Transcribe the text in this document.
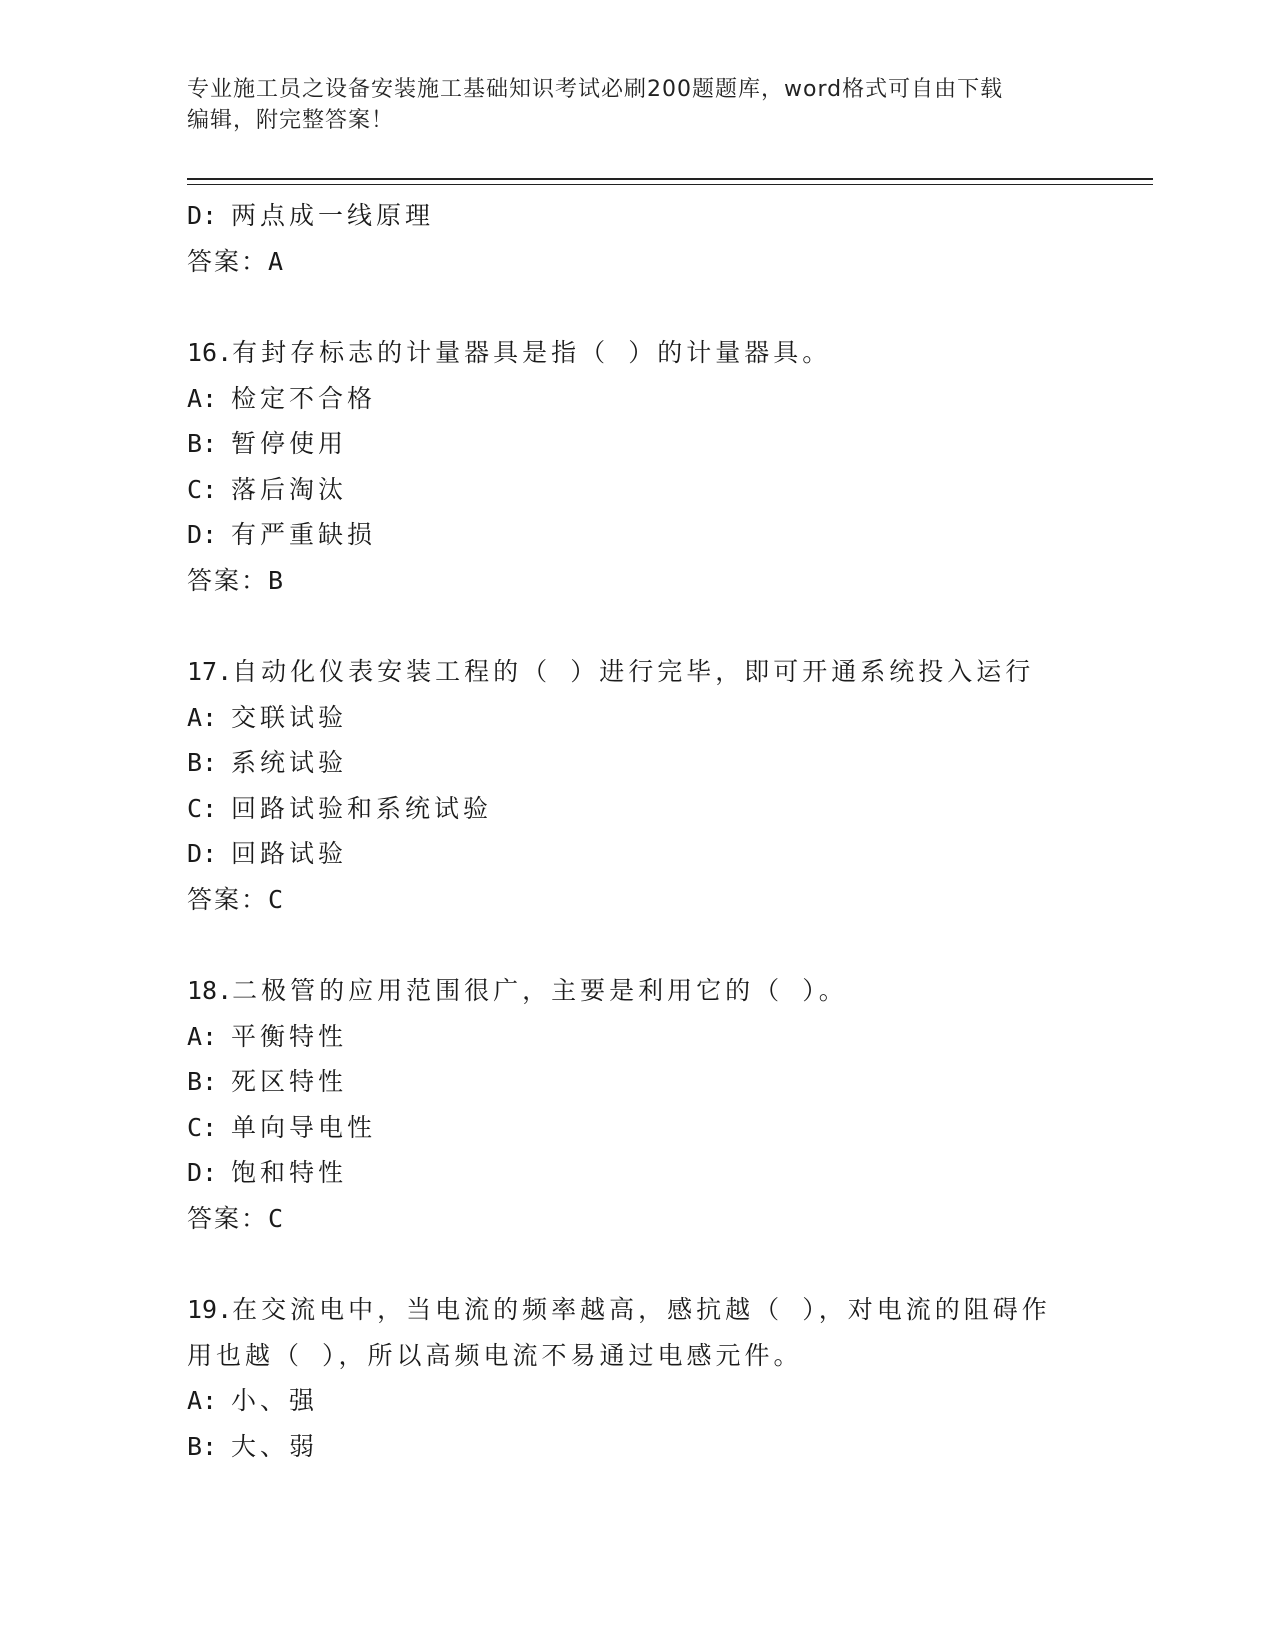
专业施工员之设备安装施工基础知识考试必刷200题题库，word格式可自由下载
编辑，附完整答案！
D: 两点成一线原理
答案：A
16.有封存标志的计量器具是指（ ）的计量器具。
A: 检定不合格
B: 暂停使用
C: 落后淘汰
D: 有严重缺损
答案：B
17.自动化仪表安装工程的（ ）进行完毕，即可开通系统投入运行
A: 交联试验
B: 系统试验
C: 回路试验和系统试验
D: 回路试验
答案：C
18.二极管的应用范围很广，主要是利用它的（ ）。
A: 平衡特性
B: 死区特性
C: 单向导电性
D: 饱和特性
答案：C
19.在交流电中，当电流的频率越高，感抗越（ ），对电流的阻碍作
用也越（ ），所以高频电流不易通过电感元件。
A: 小、强
B: 大、弱
